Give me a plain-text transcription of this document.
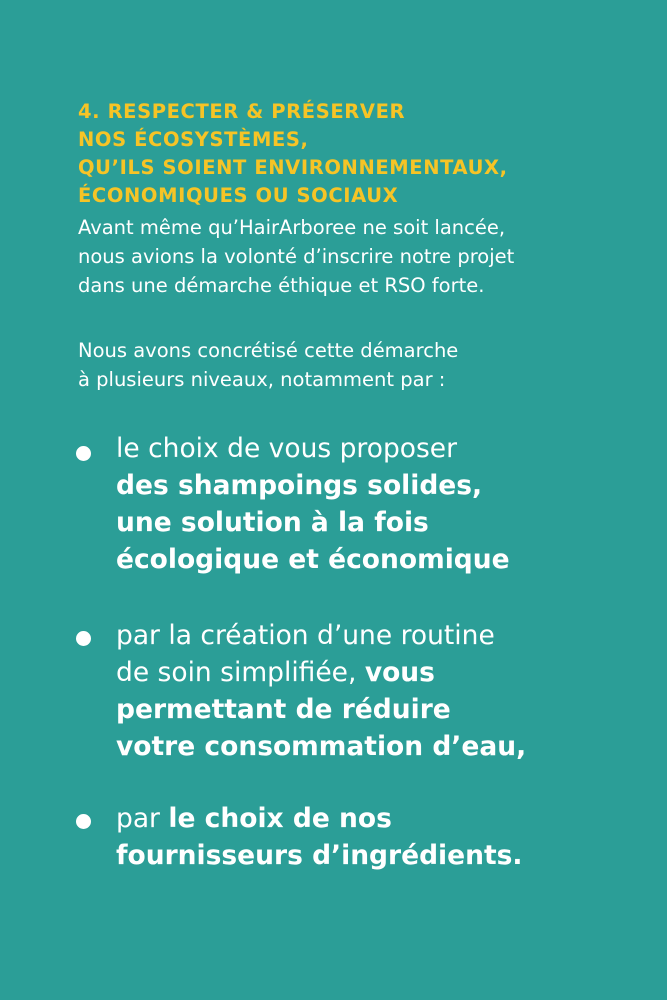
4. RESPECTER & PRÉSERVER
NOS ÉCOSYSTÈMES,
QU’ILS SOIENT ENVIRONNEMENTAUX,
ÉCONOMIQUES OU SOCIAUX
Avant même qu’HairArboree ne soit lancée,
nous avions la volonté d’inscrire notre projet
dans une démarche éthique et RSO forte.
Nous avons concrétisé cette démarche
à plusieurs niveaux, notamment par :
le choix de vous proposer
des shampoings solides,
une solution à la fois
écologique et économique
par la création d’une routine
de soin simplifiée, vous
permettant de réduire
votre consommation d’eau,
par le choix de nos
fournisseurs d’ingrédients.
